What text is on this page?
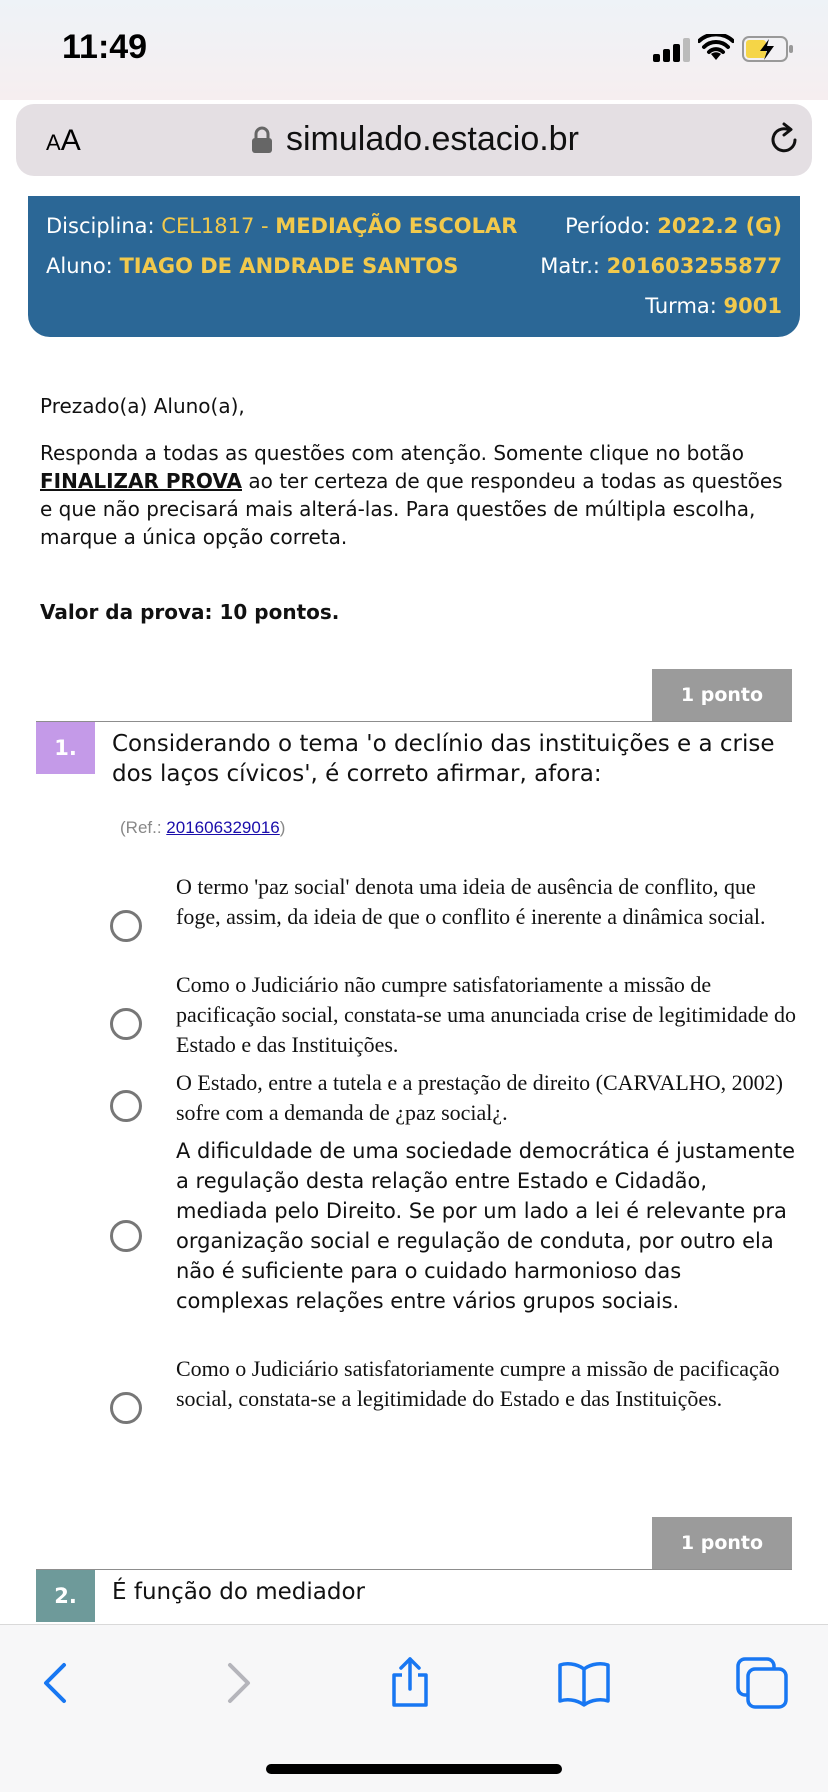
11:49
AA	simulado.estacio.br
Disciplina: CEL1817 - MEDIAÇÃO ESCOLAR Período: 2022.2 (G)
Aluno: TIAGO DE ANDRADE SANTOS	Matr.: 201603255877
Turma: 9001
Prezado(a) Aluno(a),
Responda a todas as questões com atenção. Somente clique no botão FINALIZAR PROVA ao ter certeza de que respondeu a todas as questões e que não precisará mais alterá-las. Para questões de múltipla escolha, marque a única opção correta.
Valor da prova: 10 pontos.
1 ponto
1.	Considerando o tema 'o declínio das instituições e a crise dos laços cívicos', é correto afirmar, afora:
(Ref.: 201606329016)
O termo 'paz social' denota uma ideia de ausência de conflito, que foge, assim, da ideia de que o conflito é inerente a dinâmica social.
Como o Judiciário não cumpre satisfatoriamente a missão de pacificação social, constata-se uma anunciada crise de legitimidade do Estado e das Instituições.
O Estado, entre a tutela e a prestação de direito (CARVALHO, 2002) sofre com a demanda de ¿paz social¿.
A dificuldade de uma sociedade democrática é justamente a regulação desta relação entre Estado e Cidadão, mediada pelo Direito. Se por um lado a lei é relevante pra organização social e regulação de conduta, por outro ela não é suficiente para o cuidado harmonioso das complexas relações entre vários grupos sociais.
Como o Judiciário satisfatoriamente cumpre a missão de pacificação social, constata-se a legitimidade do Estado e das Instituições.
1 ponto
2.	É função do mediador
